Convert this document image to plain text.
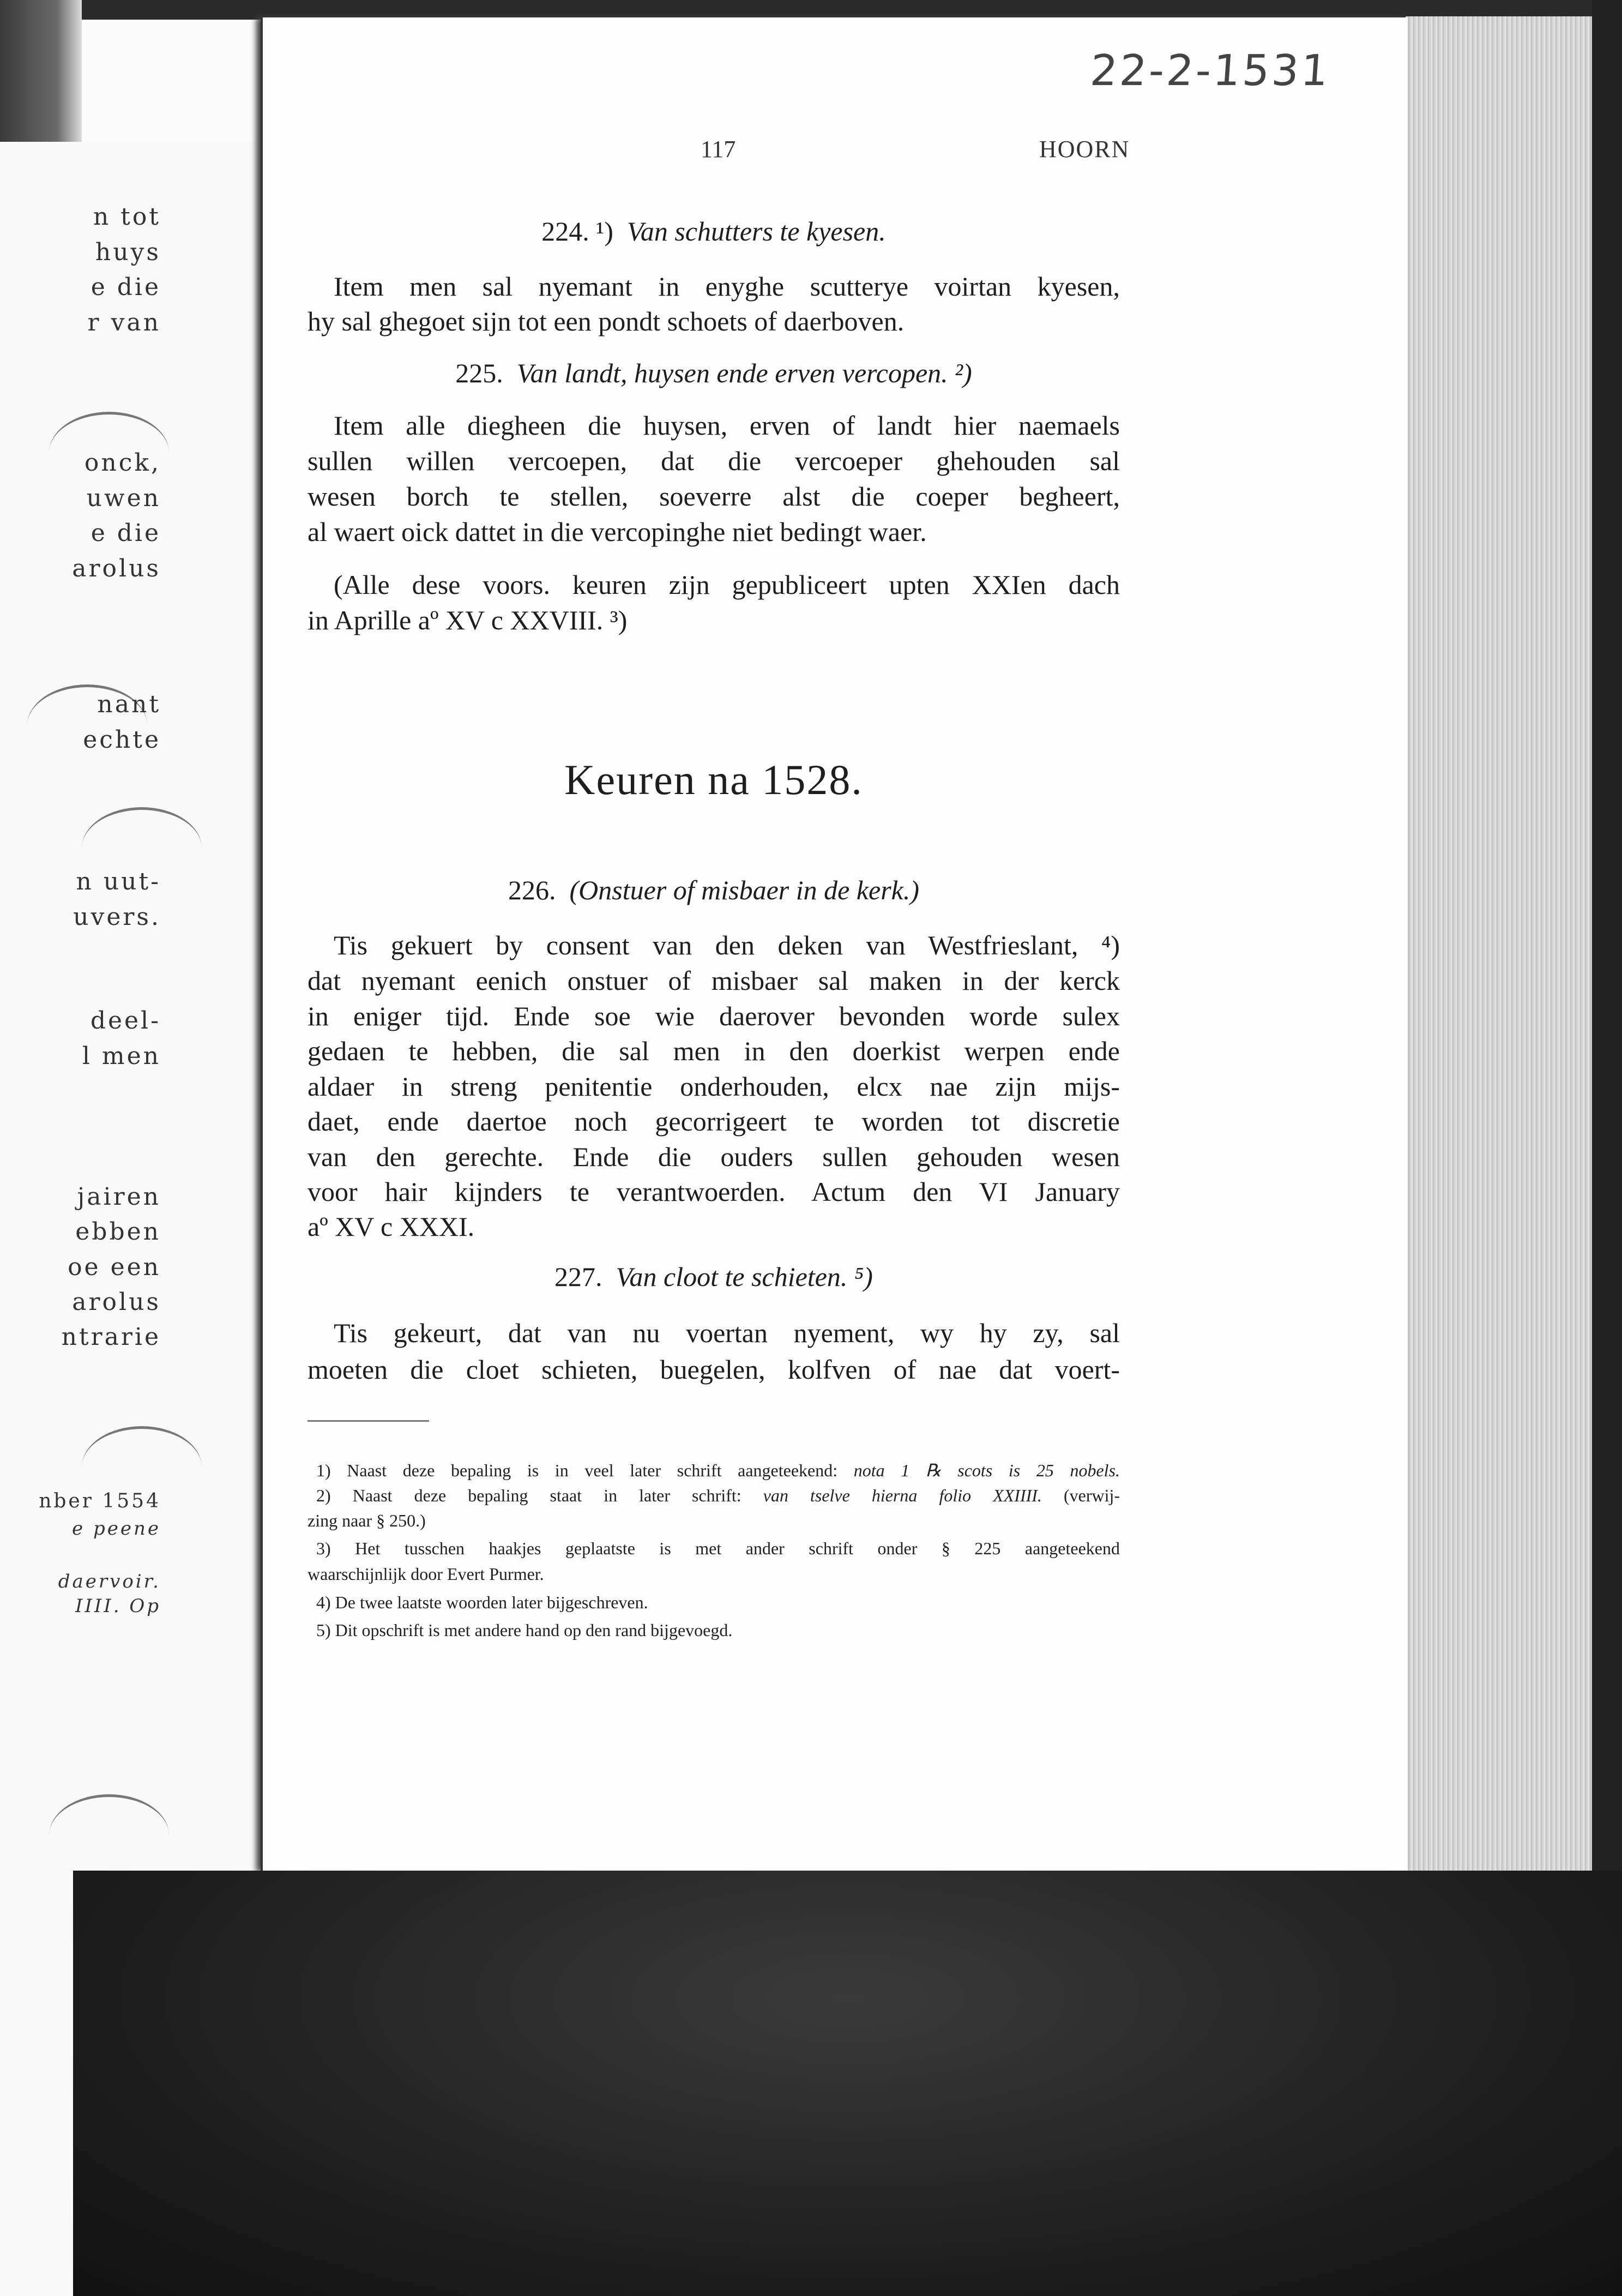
n tot
huys
e die
r van
onck,
uwen
e die
arolus
nant
echte
n uut-
uvers.
deel-
l men
jairen
ebben
oe een
arolus
ntrarie
nber 1554
e peene
daervoir.
IIII. Op
22-2-1531
117	HOORN
224. ¹) Van schutters te kyesen.
Item men sal nyemant in enyghe scutterye voirtan kyesen,
hy sal ghegoet sijn tot een pondt schoets of daerboven.
225. Van landt, huysen ende erven vercopen. ²)
Item alle diegheen die huysen, erven of landt hier naemaels
sullen willen vercoepen, dat die vercoeper ghehouden sal
wesen borch te stellen, soeverre alst die coeper begheert,
al waert oick dattet in die vercopinghe niet bedingt waer.
(Alle dese voors. keuren zijn gepubliceert upten XXIen dach
in Aprille aº XV c XXVIII. ³)
Keuren na 1528.
226. (Onstuer of misbaer in de kerk.)
Tis gekuert by consent van den deken van Westfrieslant, ⁴)
dat nyemant eenich onstuer of misbaer sal maken in der kerck
in eniger tijd. Ende soe wie daerover bevonden worde sulex
gedaen te hebben, die sal men in den doerkist werpen ende
aldaer in streng penitentie onderhouden, elcx nae zijn mijs-
daet, ende daertoe noch gecorrigeert te worden tot discretie
van den gerechte. Ende die ouders sullen gehouden wesen
voor hair kijnders te verantwoerden. Actum den VI January
aº XV c XXXI.
227. Van cloot te schieten. ⁵)
Tis gekeurt, dat van nu voertan nyement, wy hy zy, sal
moeten die cloet schieten, buegelen, kolfven of nae dat voert-
1) Naast deze bepaling is in veel later schrift aangeteekend: nota 1 ℞ scots is 25 nobels.
2) Naast deze bepaling staat in later schrift: van tselve hierna folio XXIIII. (verwij-
zing naar § 250.)
3) Het tusschen haakjes geplaatste is met ander schrift onder § 225 aangeteekend
waarschijnlijk door Evert Purmer.
4) De twee laatste woorden later bijgeschreven.
5) Dit opschrift is met andere hand op den rand bijgevoegd.
